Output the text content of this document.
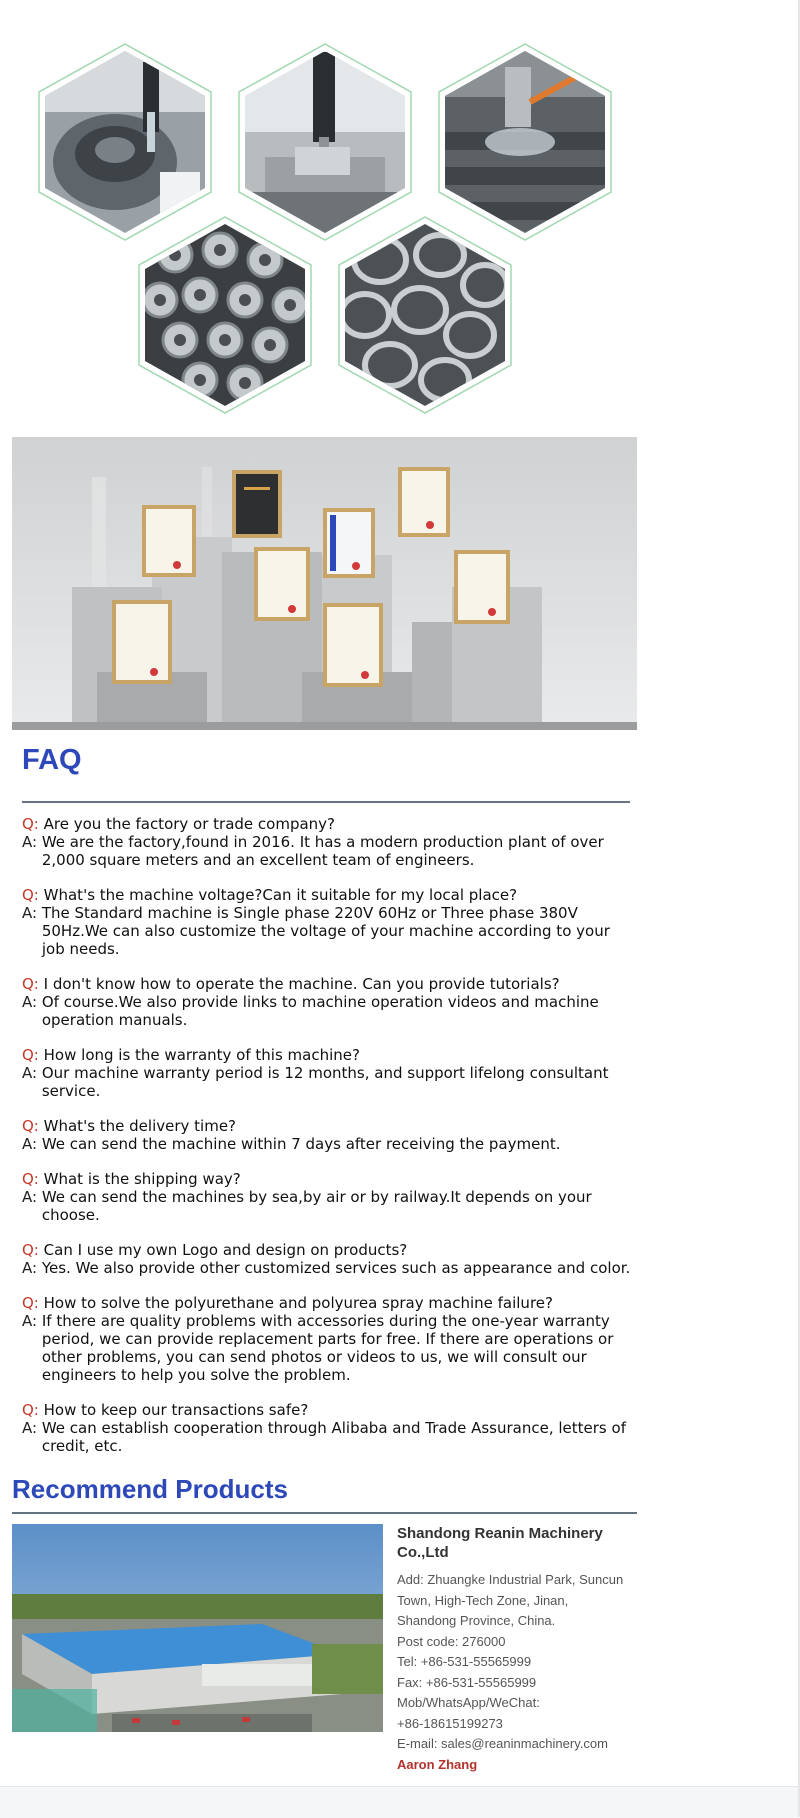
FAQ
Q:
Are you the factory or trade company?
A:
We are the factory,found in 2016. It has a modern production plant of over 2,000 square meters and an excellent team of engineers.
Q:
What's the machine voltage?Can it suitable for my local place?
A:
The Standard machine is Single phase 220V 60Hz or Three phase 380V 50Hz.We can also customize the voltage of your machine according to your job needs.
Q:
I don't know how to operate the machine. Can you provide tutorials?
A:
Of course.We also provide links to machine operation videos and machine operation manuals.
Q:
How long is the warranty of this machine?
A:
Our machine warranty period is 12 months, and support lifelong consultant service.
Q:
What's the delivery time?
A:
We can send the machine within 7 days after receiving the payment.
Q:
What is the shipping way?
A:
We can send the machines by sea,by air or by railway.It depends on your choose.
Q:
Can I use my own Logo and design on products?
A:
Yes. We also provide other customized services such as appearance and color.
Q:
How to solve the polyurethane and polyurea spray machine failure?
A:
If there are quality problems with accessories during the one-year warranty period, we can provide replacement parts for free. If there are operations or other problems, you can send photos or videos to us, we will consult our engineers to help you solve the problem.
Q:
How to keep our transactions safe?
A:
We can establish cooperation through Alibaba and Trade Assurance, letters of credit, etc.
Recommend Products
Shandong Reanin Machinery Co.,Ltd
Add: Zhuangke Industrial Park, Suncun
Town, High-Tech Zone, Jinan,
Shandong Province, China.
Post code: 276000
Tel: +86-531-55565999
Fax: +86-531-55565999
Mob/WhatsApp/WeChat:
+86-18615199273
E-mail: sales@reaninmachinery.com
Aaron Zhang
